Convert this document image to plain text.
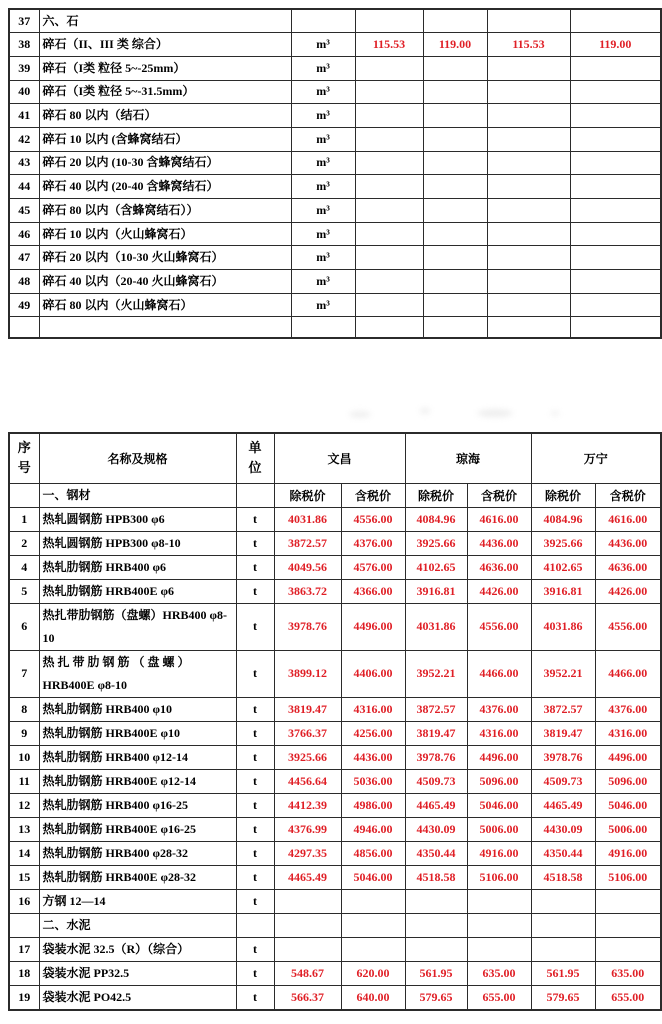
37	六、石					
38	碎石（II、III 类 综合）	m³	115.53	119.00	115.53	119.00
39	碎石（I类 粒径 5~-25mm）	m³				
40	碎石（I类 粒径 5~-31.5mm）	m³				
41	碎石 80 以内（结石）	m³				
42	碎石 10 以内 (含蜂窝结石）	m³				
43	碎石 20 以内 (10-30 含蜂窝结石）	m³				
44	碎石 40 以内 (20-40 含蜂窝结石）	m³				
45	碎石 80 以内（含蜂窝结石））	m³				
46	碎石 10 以内（火山蜂窝石）	m³				
47	碎石 20 以内（10-30 火山蜂窝石）	m³				
48	碎石 40 以内（20-40 火山蜂窝石）	m³				
49	碎石 80 以内（火山蜂窝石）	m³				

序号	名称及规格	单位	文昌		琼海		万宁	
	一、钢材		除税价	含税价	除税价	含税价	除税价	含税价
1	热轧圆钢筋 HPB300 φ6	t	4031.86	4556.00	4084.96	4616.00	4084.96	4616.00
2	热轧圆钢筋 HPB300 φ8-10	t	3872.57	4376.00	3925.66	4436.00	3925.66	4436.00
4	热轧肋钢筋 HRB400 φ6	t	4049.56	4576.00	4102.65	4636.00	4102.65	4636.00
5	热轧肋钢筋 HRB400E φ6	t	3863.72	4366.00	3916.81	4426.00	3916.81	4426.00
6	热扎带肋钢筋（盘螺）HRB400 φ8-10	t	3978.76	4496.00	4031.86	4556.00	4031.86	4556.00
7	热 扎 带 肋 钢 筋 （ 盘 螺 ） HRB400E φ8-10	t	3899.12	4406.00	3952.21	4466.00	3952.21	4466.00
8	热轧肋钢筋 HRB400 φ10	t	3819.47	4316.00	3872.57	4376.00	3872.57	4376.00
9	热轧肋钢筋 HRB400E φ10	t	3766.37	4256.00	3819.47	4316.00	3819.47	4316.00
10	热轧肋钢筋 HRB400 φ12-14	t	3925.66	4436.00	3978.76	4496.00	3978.76	4496.00
11	热轧肋钢筋 HRB400E φ12-14	t	4456.64	5036.00	4509.73	5096.00	4509.73	5096.00
12	热轧肋钢筋 HRB400 φ16-25	t	4412.39	4986.00	4465.49	5046.00	4465.49	5046.00
13	热轧肋钢筋 HRB400E φ16-25	t	4376.99	4946.00	4430.09	5006.00	4430.09	5006.00
14	热轧肋钢筋 HRB400 φ28-32	t	4297.35	4856.00	4350.44	4916.00	4350.44	4916.00
15	热轧肋钢筋 HRB400E φ28-32	t	4465.49	5046.00	4518.58	5106.00	4518.58	5106.00
16	方钢 12—14	t						
	二、水泥							
17	袋装水泥 32.5（R）（综合）	t						
18	袋装水泥 PP32.5	t	548.67	620.00	561.95	635.00	561.95	635.00
19	袋装水泥 PO42.5	t	566.37	640.00	579.65	655.00	579.65	655.00
